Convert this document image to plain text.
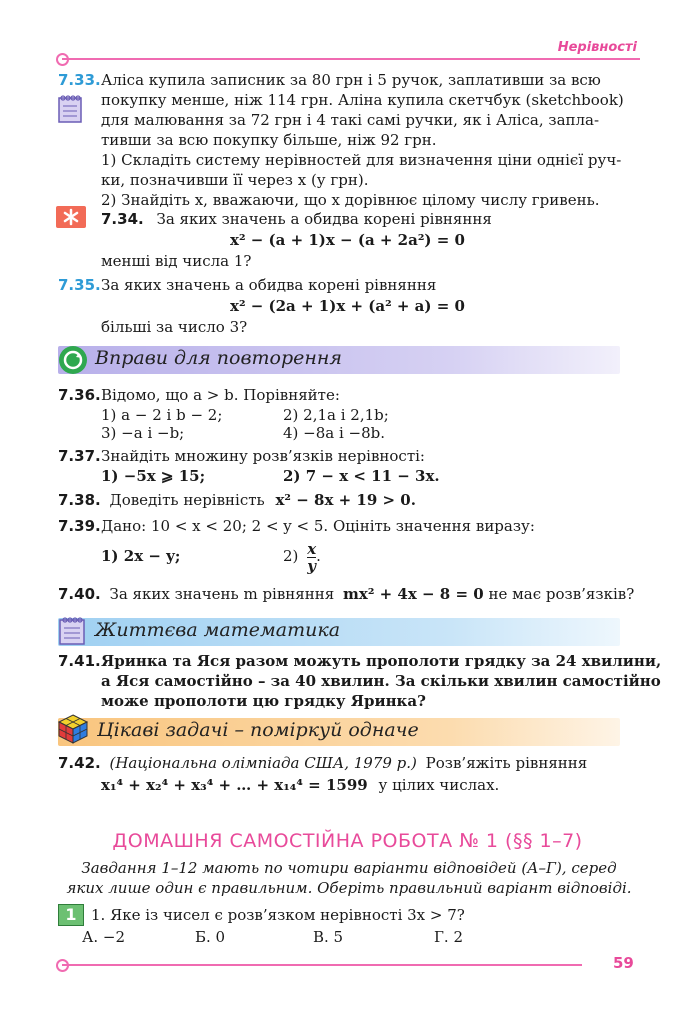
Нерівності
7.33. Аліса купила записник за 80 грн і 5 ручок, заплативши за всю
покупку менше, ніж 114 грн. Аліна купила скетчбук (sketchbook)
для малювання за 72 грн і 4 такі самі ручки, як і Аліса, запла-
тивши за всю покупку більше, ніж 92 грн.
1) Складіть систему нерівностей для визначення ціни однієї руч-
ки, позначивши її через x (у грн).
2) Знайдіть x, вважаючи, що x дорівнює цілому числу гривень.
7.34. За яких значень a обидва корені рівняння
x² − (a + 1)x − (a + 2a²) = 0
менші від числа 1?
7.35. За яких значень a обидва корені рівняння
x² − (2a + 1)x + (a² + a) = 0
більші за число 3?
Вправи для повторення
7.36. Відомо, що a > b. Порівняйте:
1) a − 2 і b − 2;	2) 2,1a і 2,1b;
3) −a і −b;	4) −8a і −8b.
7.37. Знайдіть множину розв’язків нерівності:
1) −5x ⩾ 15;	2) 7 − x < 11 − 3x.
7.38. Доведіть нерівність x² − 8x + 19 > 0.
7.39. Дано: 10 < x < 20; 2 < y < 5. Оцініть значення виразу:
1) 2x − y;	$2) \frac{x}{y}$ .
7.40. За яких значень m рівняння mx² + 4x − 8 = 0 не має розв’язків?
Життєва математика
7.41. Яринка та Яся разом можуть прополоти грядку за 24 хвилини,
а Яся самостійно – за 40 хвилин. За скільки хвилин самостійно
може прополоти цю грядку Яринка?
Цікаві задачі – поміркуй одначе
7.42. (Національна олімпіада США, 1979 р.) Розв’яжіть рівняння
x₁⁴ + x₂⁴ + x₃⁴ + … + x₁₄⁴ = 1599 у цілих числах.
ДОМАШНЯ САМОСТІЙНА РОБОТА № 1 (§§ 1–7)
Завдання 1–12 мають по чотири варіанти відповідей (А–Г), серед
яких лише один є правильним. Оберіть правильний варіант відповіді.
1 1. Яке із чисел є розв’язком нерівності 3x > 7?
А. −2	Б. 0	В. 5	Г. 2
59
